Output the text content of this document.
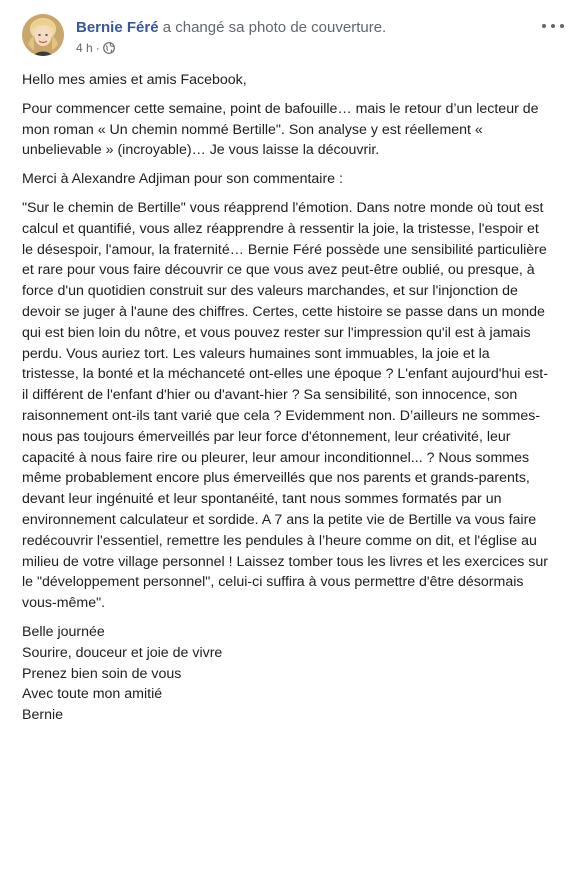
Bernie Féré a changé sa photo de couverture.
4 h ·

Hello mes amies et amis Facebook,

Pour commencer cette semaine, point de bafouille… mais le retour d’un lecteur de mon roman « Un chemin nommé Bertille". Son analyse y est réellement « unbelievable » (incroyable)… Je vous laisse la découvrir.

Merci à Alexandre Adjiman pour son commentaire :

"Sur le chemin de Bertille" vous réapprend l'émotion. Dans notre monde où tout est calcul et quantifié, vous allez réapprendre à ressentir la joie, la tristesse, l'espoir et le désespoir, l'amour, la fraternité… Bernie Féré possède une sensibilité particulière et rare pour vous faire découvrir ce que vous avez peut-être oublié, ou presque, à force d'un quotidien construit sur des valeurs marchandes, et sur l'injonction de devoir se juger à l'aune des chiffres. Certes, cette histoire se passe dans un monde qui est bien loin du nôtre, et vous pouvez rester sur l'impression qu'il est à jamais perdu. Vous auriez tort. Les valeurs humaines sont immuables, la joie et la tristesse, la bonté et la méchanceté ont-elles une époque ? L'enfant aujourd'hui est-il différent de l'enfant d'hier ou d'avant-hier ? Sa sensibilité, son innocence, son raisonnement ont-ils tant varié que cela ? Evidemment non. D’ailleurs ne sommes-nous pas toujours émerveillés par leur force d'étonnement, leur créativité, leur capacité à nous faire rire ou pleurer, leur amour inconditionnel... ? Nous sommes même probablement encore plus émerveillés que nos parents et grands-parents, devant leur ingénuité et leur spontanéité, tant nous sommes formatés par un environnement calculateur et sordide. A 7 ans la petite vie de Bertille va vous faire redécouvrir l'essentiel, remettre les pendules à l’heure comme on dit, et l'église au milieu de votre village personnel ! Laissez tomber tous les livres et les exercices sur le "développement personnel", celui-ci suffira à vous permettre d'être désormais vous-même".

Belle journée
Sourire, douceur et joie de vivre
Prenez bien soin de vous
Avec toute mon amitié
Bernie
